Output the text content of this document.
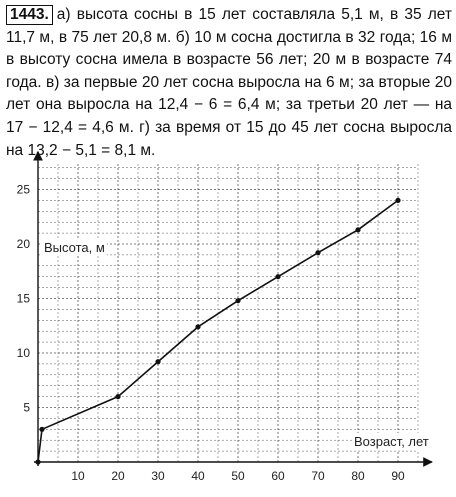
1443. а) высота сосны в 15 лет составляла 5,1 м, в 35 лет 11,7 м, в 75 лет 20,8 м. б) 10 м сосна достигла в 32 года; 16 м в высоту сосна имела в возрасте 56 лет; 20 м в возрасте 74 года. в) за первые 20 лет сосна выросла на 6 м; за вторые 20 лет она выросла на 12,4 − 6 = 6,4 м; за третьи 20 лет — на 17 − 12,4 = 4,6 м. г) за время от 15 до 45 лет сосна выросла на 13,2 − 5,1 = 8,1 м.
10 20 30 40 50 60 70 80 90
5
10
15
20
25
Высота, м
Возраст, лет
